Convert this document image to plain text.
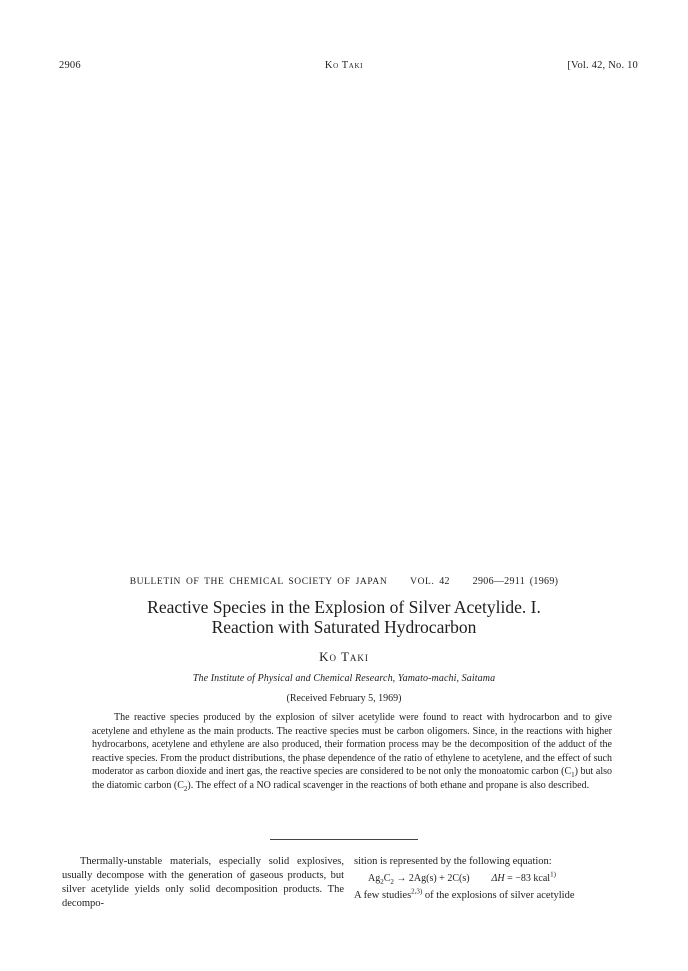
2906	Ko Taki	[Vol. 42, No. 10
BULLETIN OF THE CHEMICAL SOCIETY OF JAPAN VOL. 42 2906—2911 (1969)
Reactive Species in the Explosion of Silver Acetylide. I.
Reaction with Saturated Hydrocarbon
Ko Taki
The Institute of Physical and Chemical Research, Yamato-machi, Saitama
(Received February 5, 1969)

The reactive species produced by the explosion of silver acetylide were found to react with hydrocarbon and to give acetylene and ethylene as the main products. The reactive species must be carbon oligomers. Since, in the reactions with higher hydrocarbons, acetylene and ethylene are also produced, their formation process may be the decomposition of the adduct of the reactive species. From the product distributions, the phase dependence of the ratio of ethylene to acetylene, and the effect of such moderator as carbon dioxide and inert gas, the reactive species are considered to be not only the monoatomic carbon $(C_1)$ but also the diatomic carbon $(C_2)$. The effect of a NO radical scavenger in the reactions of both ethane and propane is also described.

Thermally-unstable materials, especially solid explosives, usually decompose with the generation of gaseous products, but silver acetylide yields only solid decomposition products. The decompo-

sition is represented by the following equation:
$Ag_2C_2 \to 2Ag(s) + 2C(s) \Delta H = -83$ kcal$^{1)}$
A few studies$^{2,3)}$ of the explosions of silver acetylide
